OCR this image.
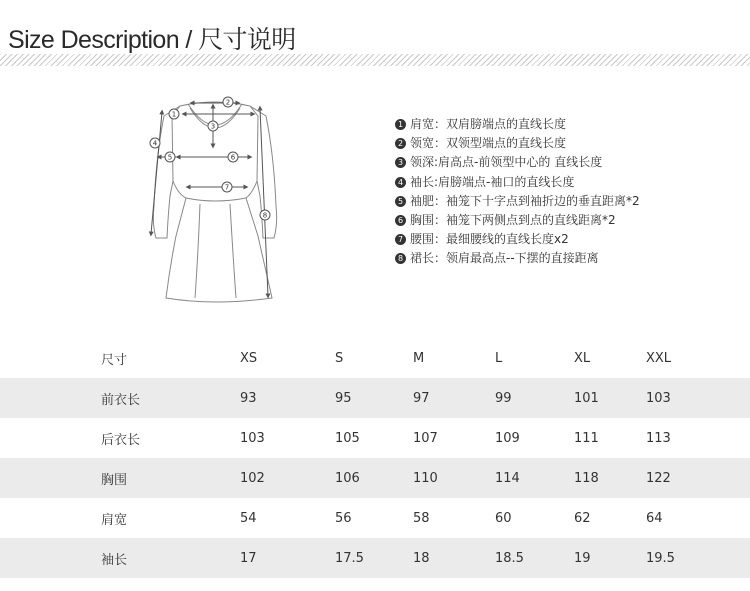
Size Description / 尺寸说明
1
2
3
4
5	6
7
8
1 肩宽：双肩膀端点的直线长度
2 领宽：双领型端点的直线长度
3 领深:肩高点-前领型中心的 直线长度
4 袖长:肩膀端点-袖口的直线长度
5 袖肥：袖笼下十字点到袖折边的垂直距离*2
6 胸围：袖笼下两侧点到点的直线距离*2
7 腰围：最细腰线的直线长度x2
8 裙长：领肩最高点--下摆的直接距离
尺寸	XS	S	M	L	XL	XXL
前衣长	93	95	97	99	101	103
后衣长	103	105	107	109	111	113
胸围	102	106	110	114	118	122
肩宽	54	56	58	60	62	64
袖长	17	17.5	18	18.5	19	19.5
